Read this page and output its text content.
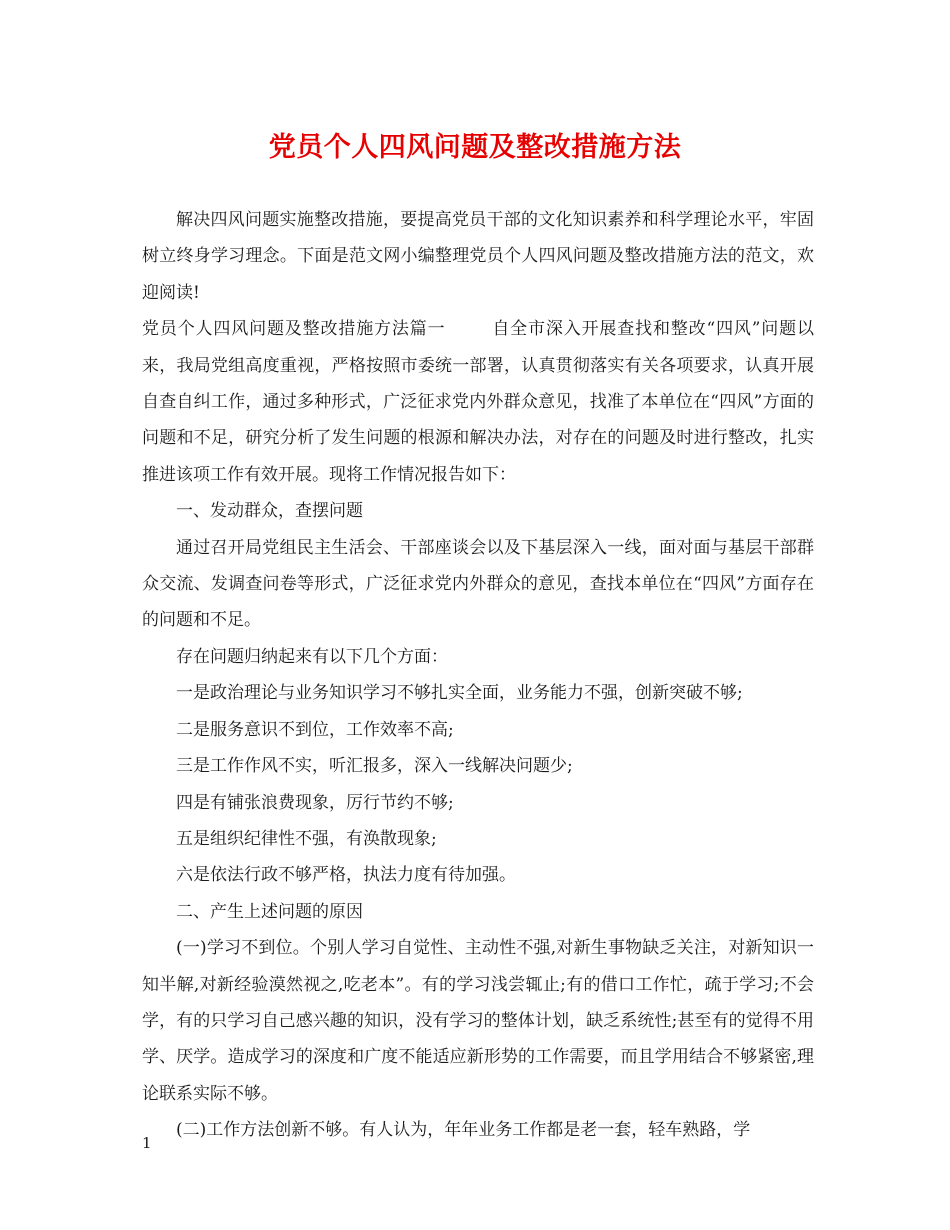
党员个人四风问题及整改措施方法

解决四风问题实施整改措施，要提高党员干部的文化知识素养和科学理论水平，牢固树立终身学习理念。下面是范文网小编整理党员个人四风问题及整改措施方法的范文，欢迎阅读!

党员个人四风问题及整改措施方法篇一	自全市深入开展查找和整改“四风”问题以来，我局党组高度重视，严格按照市委统一部署，认真贯彻落实有关各项要求，认真开展自查自纠工作，通过多种形式，广泛征求党内外群众意见，找准了本单位在“四风”方面的问题和不足，研究分析了发生问题的根源和解决办法，对存在的问题及时进行整改，扎实推进该项工作有效开展。现将工作情况报告如下：

一、发动群众，查摆问题

通过召开局党组民主生活会、干部座谈会以及下基层深入一线，面对面与基层干部群众交流、发调查问卷等形式，广泛征求党内外群众的意见，查找本单位在“四风”方面存在的问题和不足。

存在问题归纳起来有以下几个方面：

一是政治理论与业务知识学习不够扎实全面，业务能力不强，创新突破不够;

二是服务意识不到位，工作效率不高;

三是工作作风不实，听汇报多，深入一线解决问题少;

四是有铺张浪费现象，厉行节约不够;

五是组织纪律性不强，有涣散现象;

六是依法行政不够严格，执法力度有待加强。

二、产生上述问题的原因

(一)学习不到位。个别人学习自觉性、主动性不强,对新生事物缺乏关注，对新知识一知半解,对新经验漠然视之,吃老本”。有的学习浅尝辄止;有的借口工作忙，疏于学习;不会学，有的只学习自己感兴趣的知识，没有学习的整体计划，缺乏系统性;甚至有的觉得不用学、厌学。造成学习的深度和广度不能适应新形势的工作需要，而且学用结合不够紧密,理论联系实际不够。

(二)工作方法创新不够。有人认为，年年业务工作都是老一套，轻车熟路，学

1
